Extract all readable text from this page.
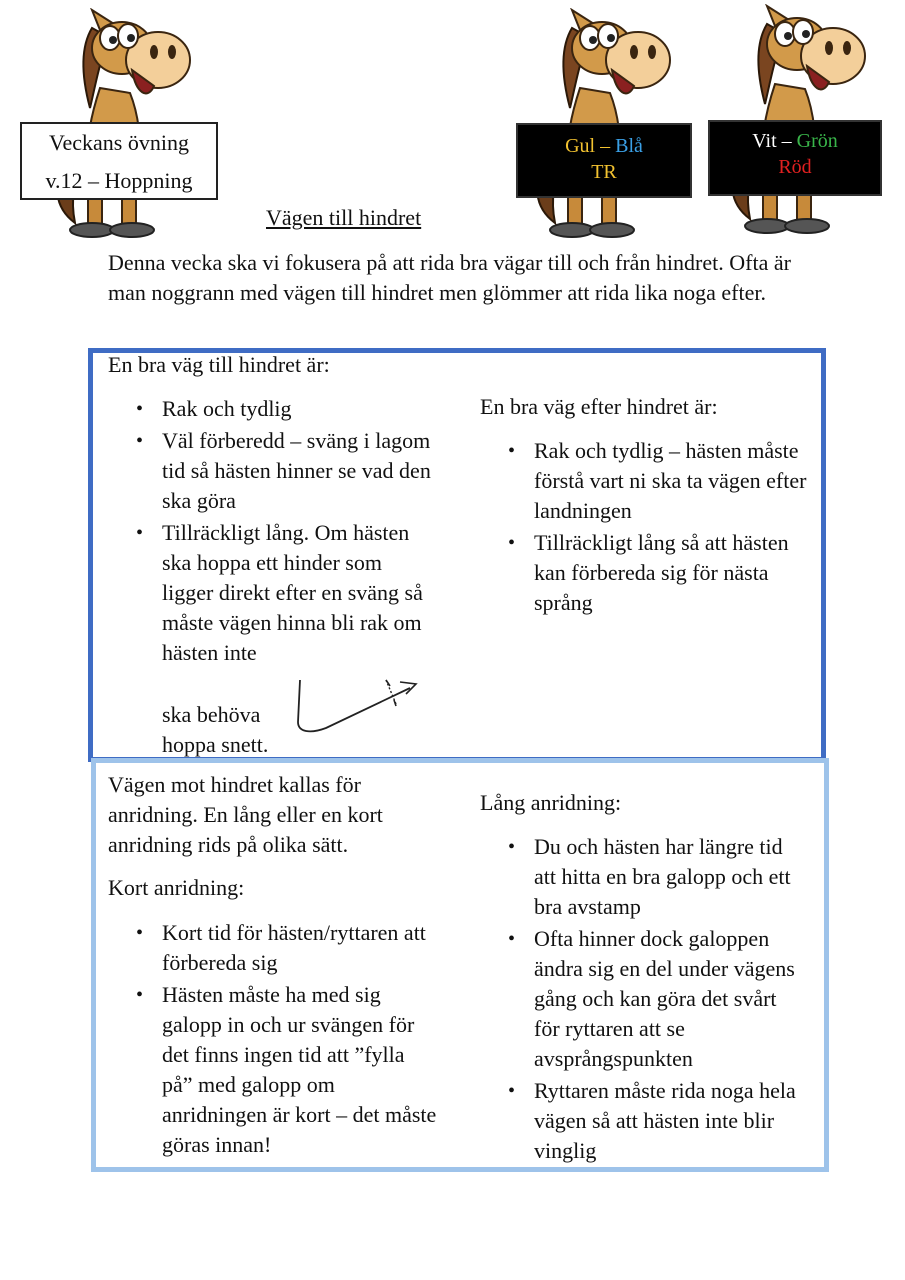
Veckans övning
v.12 – Hoppning
Gul – Blå
TR
Vit – Grön
Röd
Vägen till hindret
Denna vecka ska vi fokusera på att rida bra vägar till och från hindret. Ofta är man noggrann med vägen till hindret men glömmer att rida lika noga efter.
En bra väg till hindret är:
• Rak och tydlig
• Väl förberedd – sväng i lagom tid så hästen hinner se vad den ska göra
• Tillräckligt lång. Om hästen ska hoppa ett hinder som ligger direkt efter en sväng så måste vägen hinna bli rak om hästen inte
ska behöva
hoppa snett.
En bra väg efter hindret är:
• Rak och tydlig – hästen måste förstå vart ni ska ta vägen efter landningen
• Tillräckligt lång så att hästen kan förbereda sig för nästa språng
Vägen mot hindret kallas för anridning. En lång eller en kort anridning rids på olika sätt.
Kort anridning:
• Kort tid för hästen/ryttaren att förbereda sig
• Hästen måste ha med sig galopp in och ur svängen för det finns ingen tid att ”fylla på” med galopp om anridningen är kort – det måste göras innan!
Lång anridning:
• Du och hästen har längre tid att hitta en bra galopp och ett bra avstamp
• Ofta hinner dock galoppen ändra sig en del under vägens gång och kan göra det svårt för ryttaren att se avsprångspunkten
• Ryttaren måste rida noga hela vägen så att hästen inte blir vinglig
